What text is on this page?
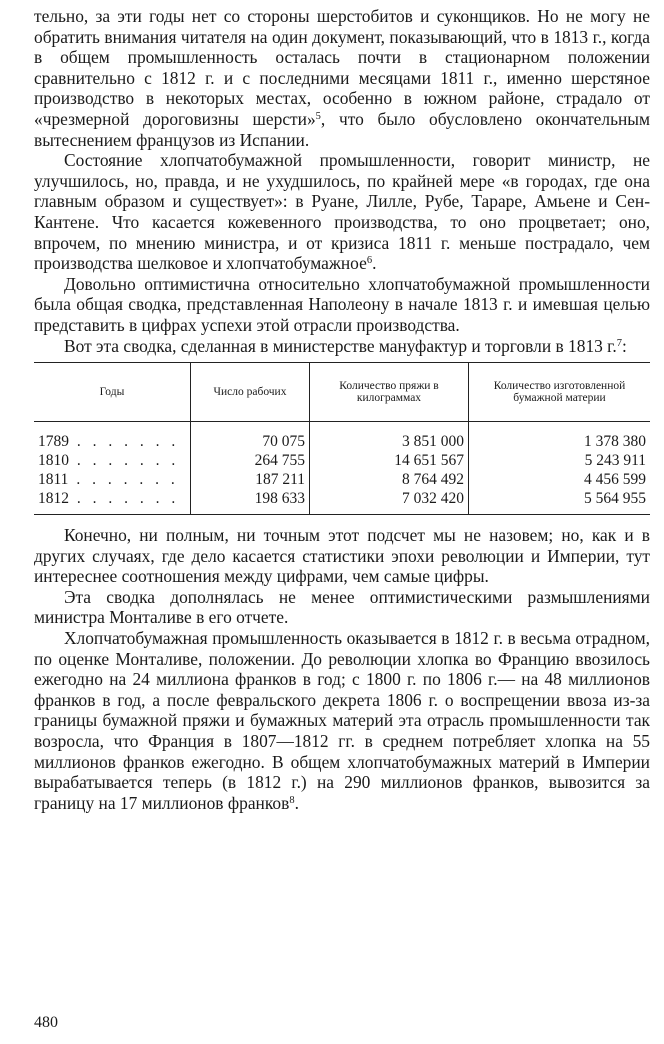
тельно, за эти годы нет со стороны шерстобитов и суконщиков. Но не могу не обратить внимания читателя на один документ, показывающий, что в 1813 г., когда в общем промышленность осталась почти в стационарном положении сравнительно с 1812 г. и с последними месяцами 1811 г., именно шерстяное производство в некоторых местах, особенно в южном районе, страдало от «чрезмерной дороговизны шерсти»$^5$, что было обусловлено окончательным вытеснением французов из Испании.

Состояние хлопчатобумажной промышленности, говорит министр, не улучшилось, но, правда, и не ухудшилось, по крайней мере «в городах, где она главным образом и существует»: в Руане, Лилле, Рубе, Тараре, Амьене и Сен-Кантене. Что касается кожевенного производства, то оно процветает; оно, впрочем, по мнению министра, и от кризиса 1811 г. меньше пострадало, чем производства шелковое и хлопчатобумажное$^6$.

Довольно оптимистична относительно хлопчатобумажной промышленности была общая сводка, представленная Наполеону в начале 1813 г. и имевшая целью представить в цифрах успехи этой отрасли производства.

Вот эта сводка, сделанная в министерстве мануфактур и торговли в 1813 г.$^7$:

Годы	Число рабочих	Количество пряжи в килограммах	Количество изготовленной бумажной материи
1789 . . . . . . .	70 075	3 851 000	1 378 380
1810 . . . . . . .	264 755	14 651 567	5 243 911
1811 . . . . . . .	187 211	8 764 492	4 456 599
1812 . . . . . . .	198 633	7 032 420	5 564 955

Конечно, ни полным, ни точным этот подсчет мы не назовем; но, как и в других случаях, где дело касается статистики эпохи революции и Империи, тут интереснее соотношения между цифрами, чем самые цифры.

Эта сводка дополнялась не менее оптимистическими размышлениями министра Монталиве в его отчете.

Хлопчатобумажная промышленность оказывается в 1812 г. в весьма отрадном, по оценке Монталиве, положении. До революции хлопка во Францию ввозилось ежегодно на 24 миллиона франков в год; с 1800 г. по 1806 г.— на 48 миллионов франков в год, а после февральского декрета 1806 г. о воспрещении ввоза из-за границы бумажной пряжи и бумажных материй эта отрасль промышленности так возросла, что Франция в 1807—1812 гг. в среднем потребляет хлопка на 55 миллионов франков ежегодно. В общем хлопчатобумажных материй в Империи вырабатывается теперь (в 1812 г.) на 290 миллионов франков, вывозится за границу на 17 миллионов франков$^8$.

480
